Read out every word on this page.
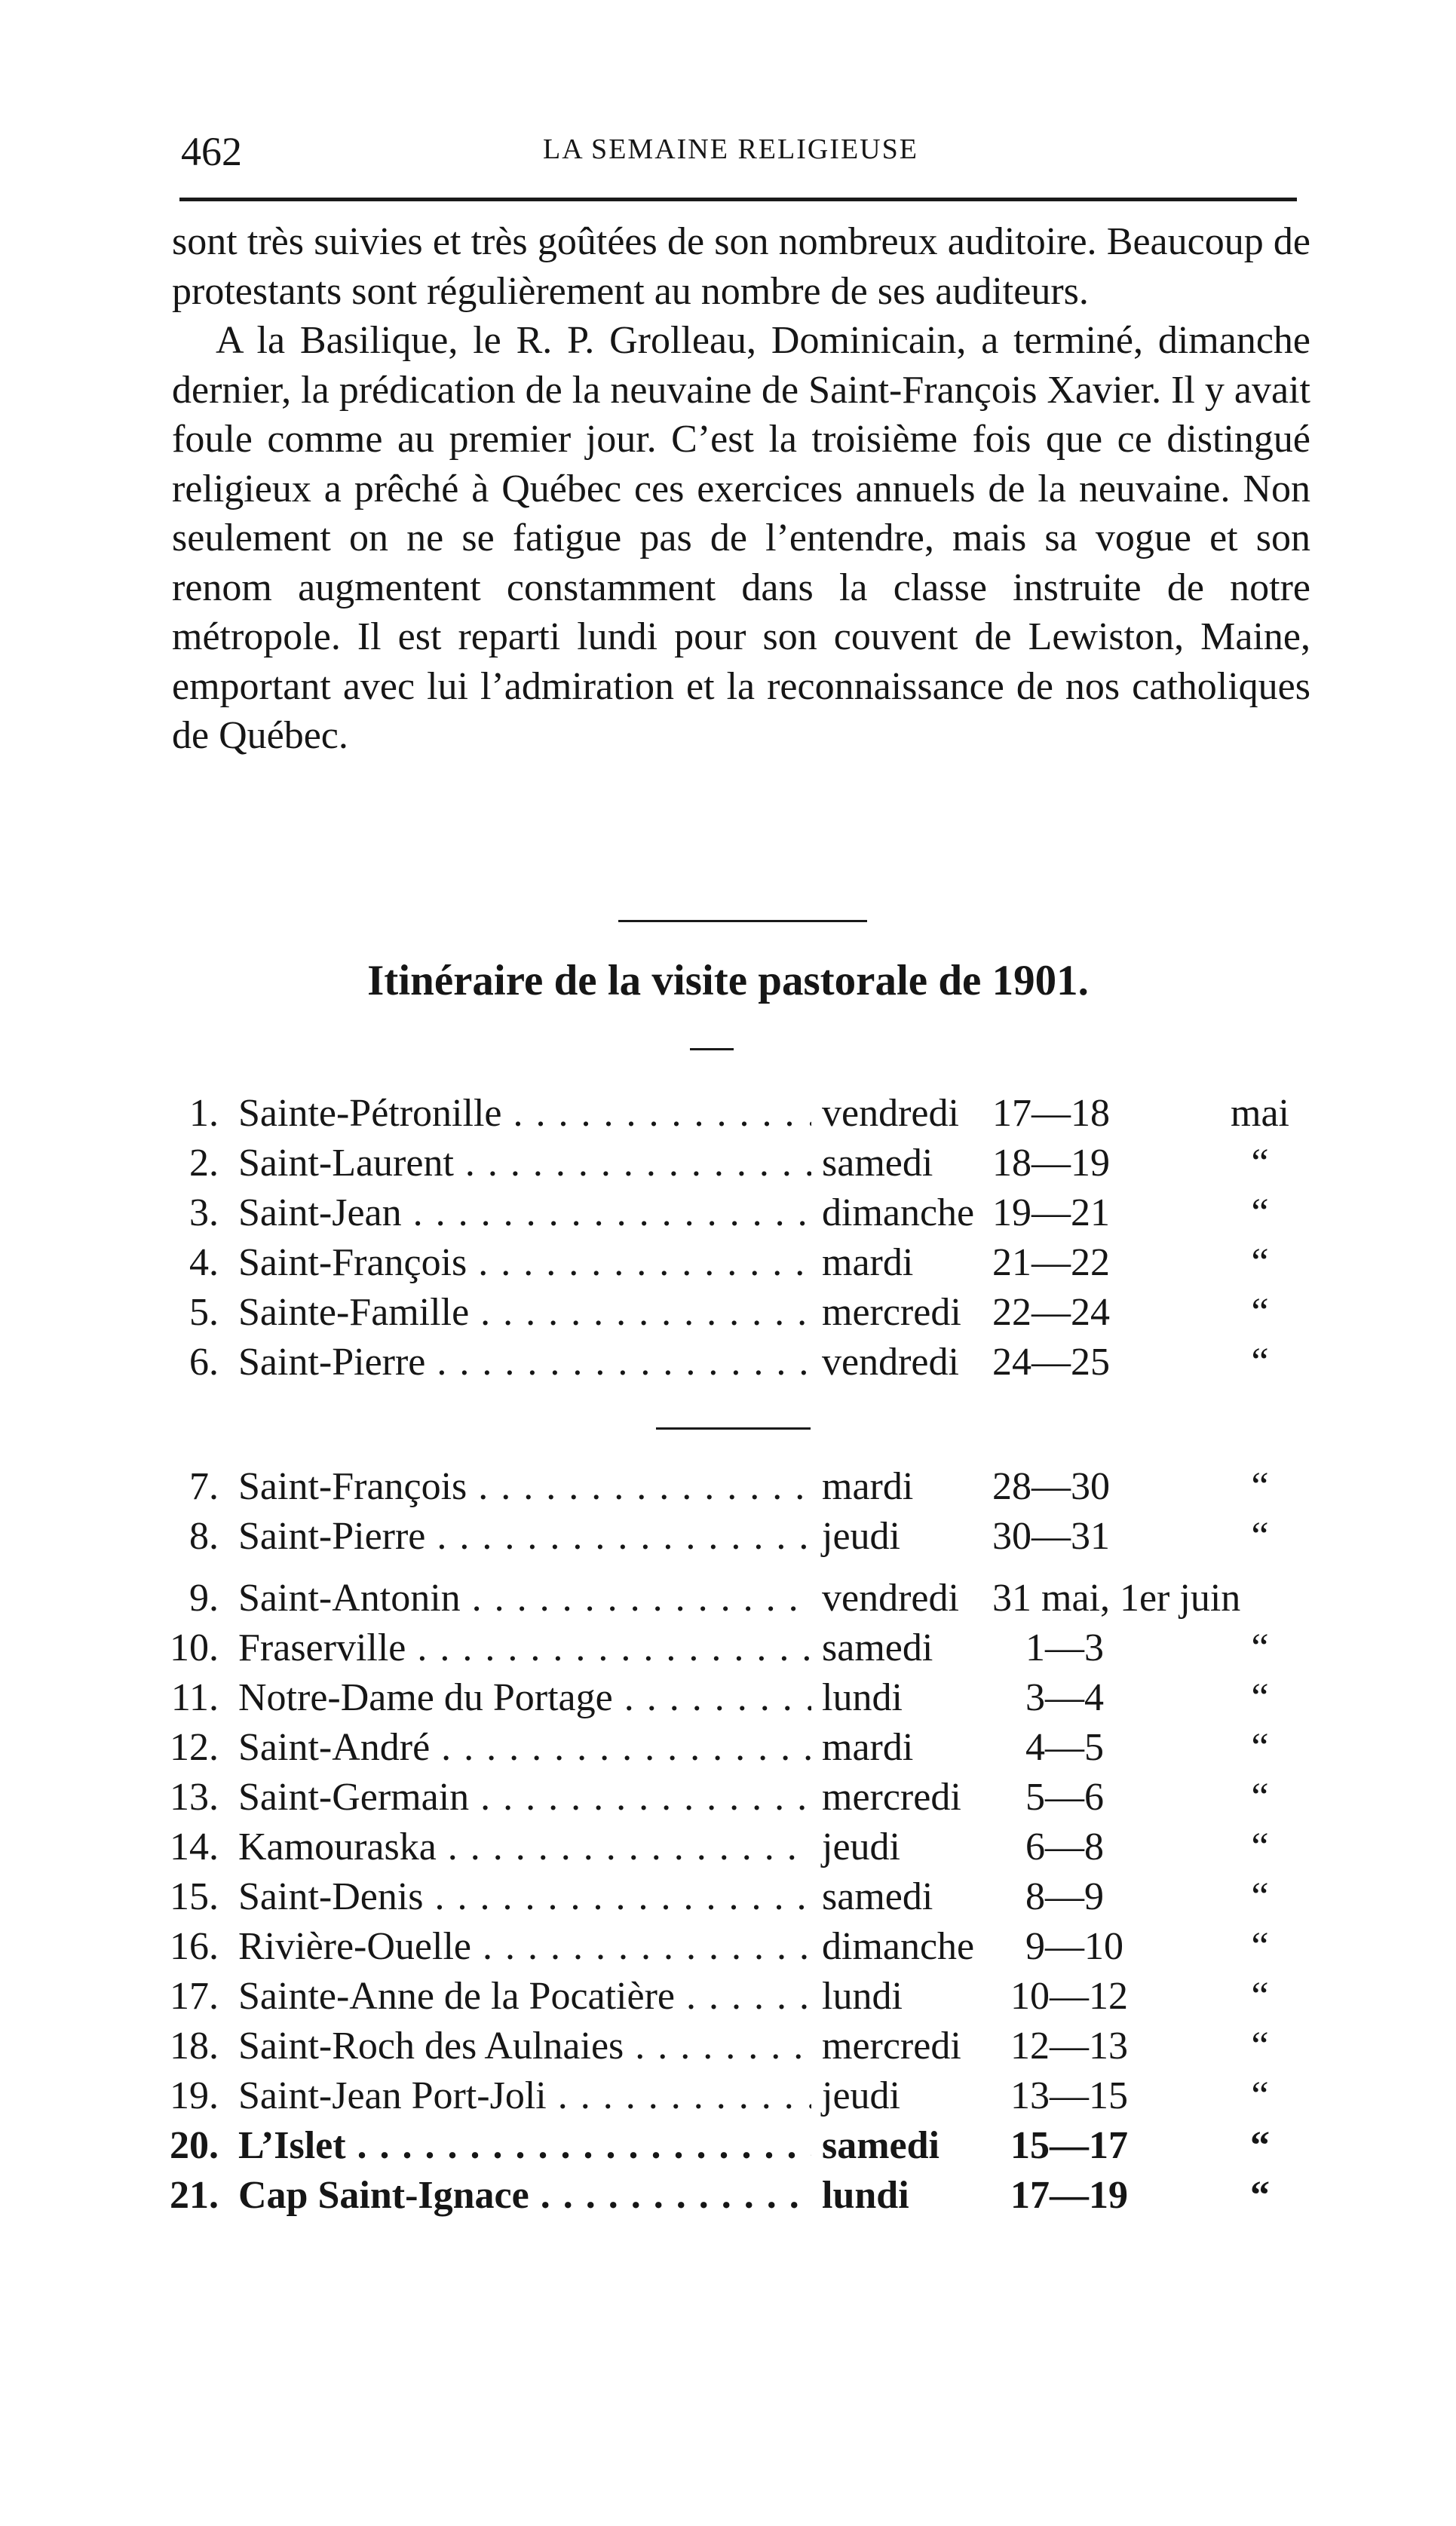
462	LA SEMAINE RELIGIEUSE

sont très suivies et très goûtées de son nombreux auditoire. Beaucoup de protestants sont régulièrement au nombre de ses auditeurs.

A la Basilique, le R. P. Grolleau, Dominicain, a terminé, dimanche dernier, la prédication de la neuvaine de Saint-François Xavier. Il y avait foule comme au premier jour. C’est la troisième fois que ce distingué religieux a prêché à Québec ces exercices annuels de la neuvaine. Non seulement on ne se fatigue pas de l’entendre, mais sa vogue et son renom augmentent constamment dans la classe instruite de notre métropole. Il est reparti lundi pour son couvent de Lewiston, Maine, emportant avec lui l’admiration et la reconnaissance de nos catholiques de Québec.

Itinéraire de la visite pastorale de 1901.
1. Sainte-Pétronille . . .	vendredi 17—18	mai
2. Saint-Laurent . . .	samedi 18—19	“
3. Saint-Jean . . .	dimanche 19—21	“
4. Saint-François . . .	mardi 21—22	“
5. Sainte-Famille . . .	mercredi 22—24	“
6. Saint-Pierre . . .	vendredi 24—25	“
7. Saint-François . . .	mardi 28—30	“
8. Saint-Pierre . . .	jeudi 30—31	“
9. Saint-Antonin . . .	vendredi 31 mai, 1er juin
10. Fraserville . . .	samedi 1—3	“
11. Notre-Dame du Portage . . .	lundi	3—4	“
12. Saint-André . . .	mardi	4—5	“
13. Saint-Germain . . .	mercredi 5—6	“
14. Kamouraska . . .	jeudi	6—8	“
15. Saint-Denis . . .	samedi 8—9	“
16. Rivière-Ouelle . . .	dimanche 9—10	“
17. Sainte-Anne de la Pocatière . . .	lundi	10—12	“
18. Saint-Roch des Aulnaies . . .	mercredi 12—13	“
19. Saint-Jean Port-Joli . . .	jeudi	13—15	“
20. L’Islet . . .	samedi 15—17	“
21. Cap Saint-Ignace . . .	lundi	17—19	“
